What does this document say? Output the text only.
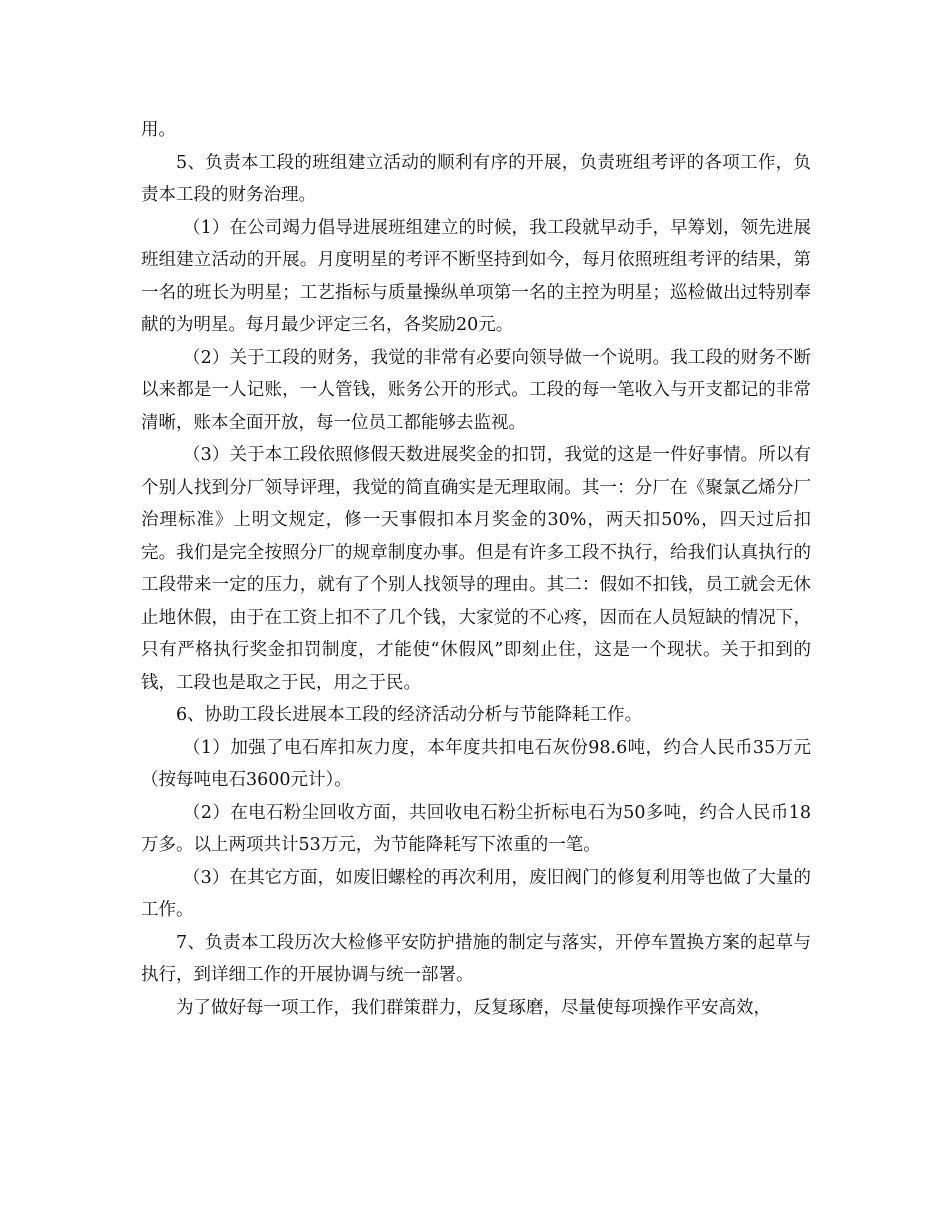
用。

5、负责本工段的班组建立活动的顺利有序的开展，负责班组考评的各项工作，负责本工段的财务治理。

（1）在公司竭力倡导进展班组建立的时候，我工段就早动手，早筹划，领先进展班组建立活动的开展。月度明星的考评不断坚持到如今，每月依照班组考评的结果，第一名的班长为明星；工艺指标与质量操纵单项第一名的主控为明星；巡检做出过特别奉献的为明星。每月最少评定三名，各奖励20元。

（2）关于工段的财务，我觉的非常有必要向领导做一个说明。我工段的财务不断以来都是一人记账，一人管钱，账务公开的形式。工段的每一笔收入与开支都记的非常清晰，账本全面开放，每一位员工都能够去监视。

（3）关于本工段依照修假天数进展奖金的扣罚，我觉的这是一件好事情。所以有个别人找到分厂领导评理，我觉的简直确实是无理取闹。其一：分厂在《聚氯乙烯分厂治理标准》上明文规定，修一天事假扣本月奖金的30%，两天扣50%，四天过后扣完。我们是完全按照分厂的规章制度办事。但是有许多工段不执行，给我们认真执行的工段带来一定的压力，就有了个别人找领导的理由。其二：假如不扣钱，员工就会无休止地休假，由于在工资上扣不了几个钱，大家觉的不心疼，因而在人员短缺的情况下，只有严格执行奖金扣罚制度，才能使“休假风”即刻止住，这是一个现状。关于扣到的钱，工段也是取之于民，用之于民。

6、协助工段长进展本工段的经济活动分析与节能降耗工作。

（1）加强了电石库扣灰力度，本年度共扣电石灰份98.6吨，约合人民币35万元（按每吨电石3600元计）。

（2）在电石粉尘回收方面，共回收电石粉尘折标电石为50多吨，约合人民币18万多。以上两项共计53万元，为节能降耗写下浓重的一笔。

（3）在其它方面，如废旧螺栓的再次利用，废旧阀门的修复利用等也做了大量的工作。

7、负责本工段历次大检修平安防护措施的制定与落实，开停车置换方案的起草与执行，到详细工作的开展协调与统一部署。

为了做好每一项工作，我们群策群力，反复琢磨，尽量使每项操作平安高效，
